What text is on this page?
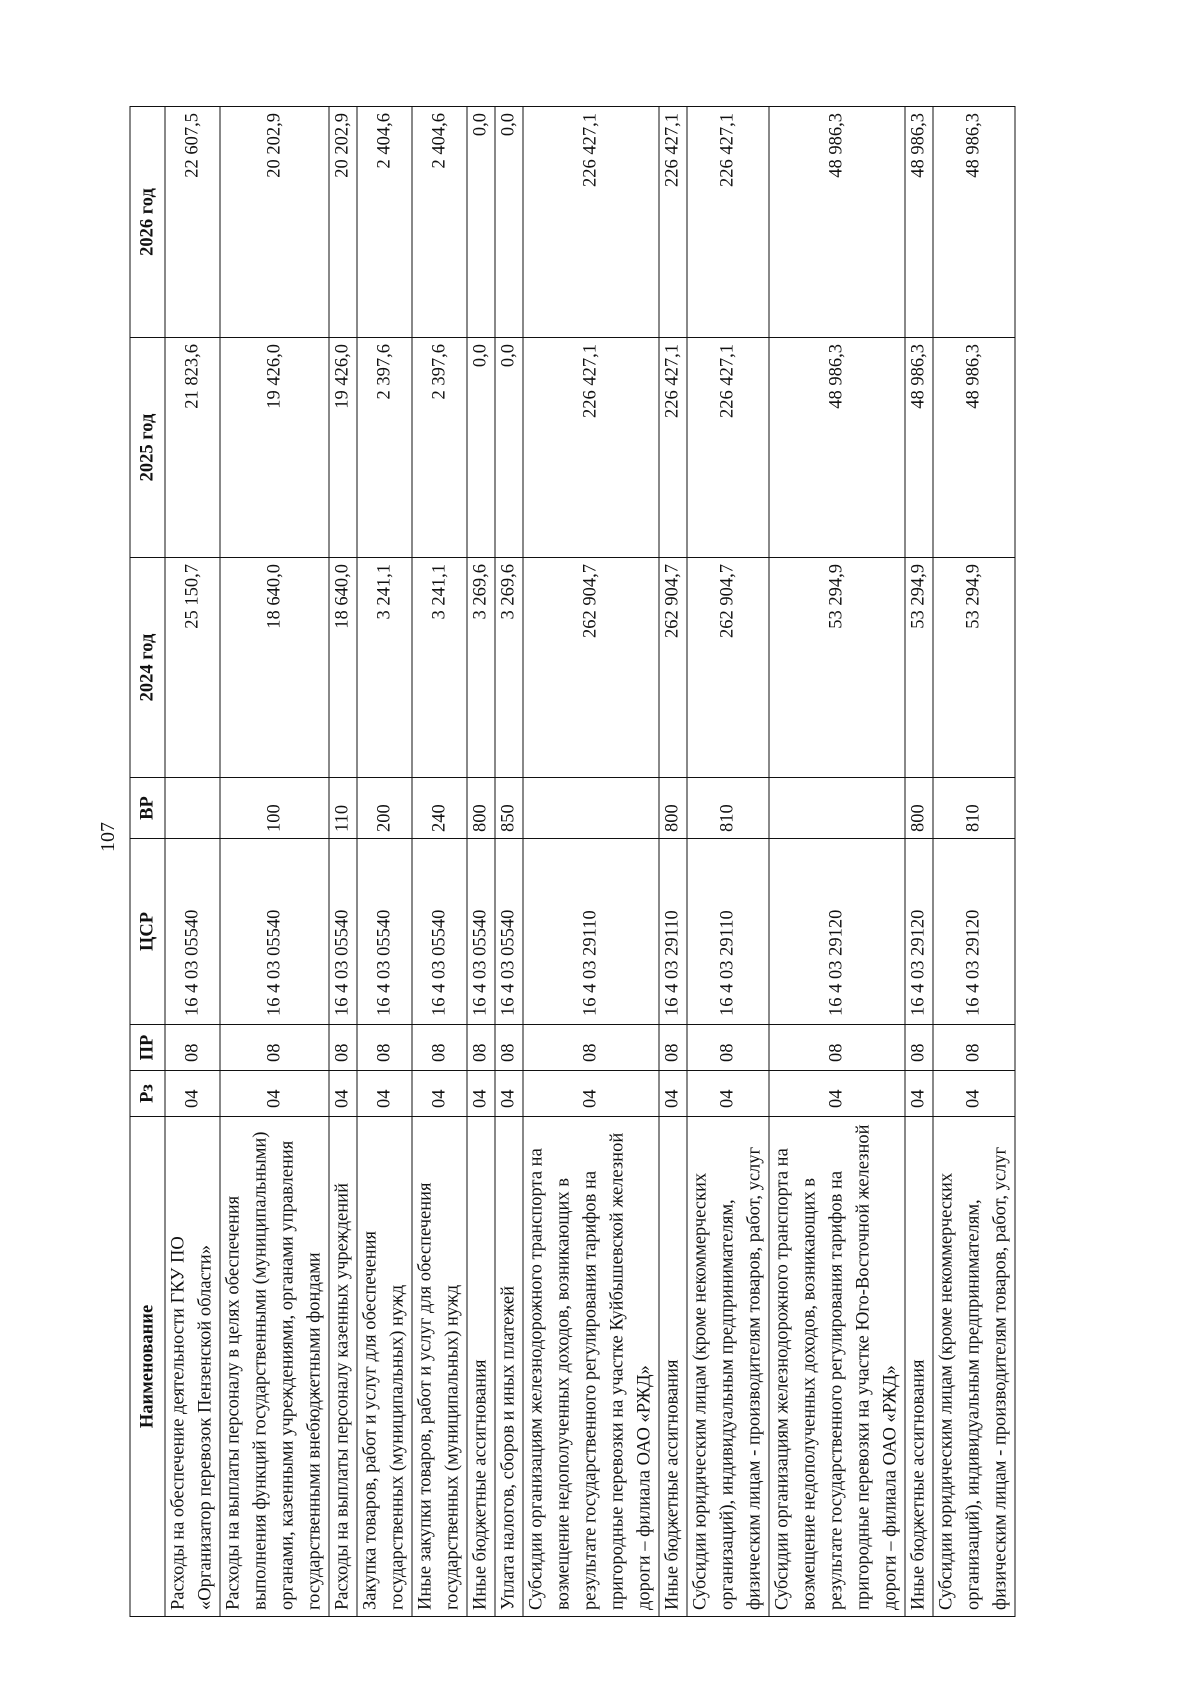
107
Наименование	Рз	ПР	ЦСР	ВР	2024 год	2025 год	2026 год
Расходы на обеспечение деятельности ГКУ ПО «Организатор перевозок Пензенской области»	04	08	16 4 03 05540		25 150,7	21 823,6	22 607,5
Расходы на выплаты персоналу в целях обеспечения выполнения функций государственными (муниципальными) органами, казенными учреждениями, органами управления государственными внебюджетными фондами	04	08	16 4 03 05540	100	18 640,0	19 426,0	20 202,9
Расходы на выплаты персоналу казенных учреждений	04	08	16 4 03 05540	110	18 640,0	19 426,0	20 202,9
Закупка товаров, работ и услуг для обеспечения государственных (муниципальных) нужд	04	08	16 4 03 05540	200	3 241,1	2 397,6	2 404,6
Иные закупки товаров, работ и услуг для обеспечения государственных (муниципальных) нужд	04	08	16 4 03 05540	240	3 241,1	2 397,6	2 404,6
Иные бюджетные ассигнования	04	08	16 4 03 05540	800	3 269,6	0,0	0,0
Уплата налогов, сборов и иных платежей	04	08	16 4 03 05540	850	3 269,6	0,0	0,0
Субсидии организациям железнодорожного транспорта на возмещение недополученных доходов, возникающих в результате государственного регулирования тарифов на пригородные перевозки на участке Куйбышевской железной дороги – филиала ОАО «РЖД»	04	08	16 4 03 29110		262 904,7	226 427,1	226 427,1
Иные бюджетные ассигнования	04	08	16 4 03 29110	800	262 904,7	226 427,1	226 427,1
Субсидии юридическим лицам (кроме некоммерческих организаций), индивидуальным предпринимателям, физическим лицам - производителям товаров, работ, услуг	04	08	16 4 03 29110	810	262 904,7	226 427,1	226 427,1
Субсидии организациям железнодорожного транспорта на возмещение недополученных доходов, возникающих в результате государственного регулирования тарифов на пригородные перевозки на участке Юго-Восточной железной дороги – филиала ОАО «РЖД»	04	08	16 4 03 29120		53 294,9	48 986,3	48 986,3
Иные бюджетные ассигнования	04	08	16 4 03 29120	800	53 294,9	48 986,3	48 986,3
Субсидии юридическим лицам (кроме некоммерческих организаций), индивидуальным предпринимателям, физическим лицам - производителям товаров, работ, услуг	04	08	16 4 03 29120	810	53 294,9	48 986,3	48 986,3
